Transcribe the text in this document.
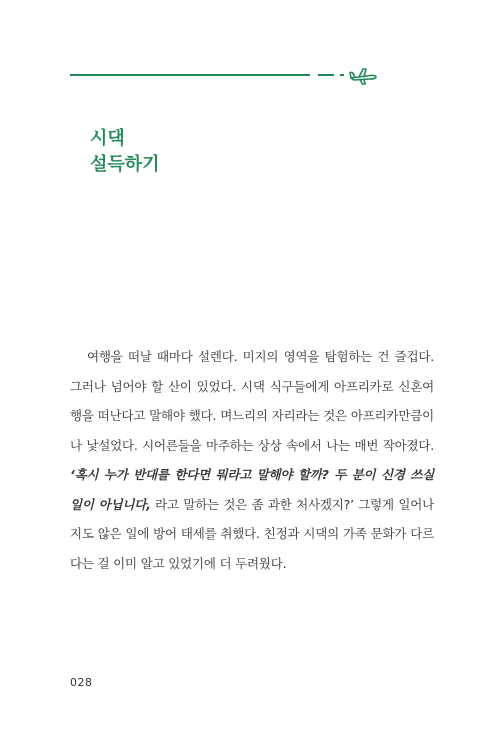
시댁
설득하기

여행을 떠날 때마다 설렌다. 미지의 영역을 탐험하는 건 즐겁다. 그러나 넘어야 할 산이 있었다. 시댁 식구들에게 아프리카로 신혼여행을 떠난다고 말해야 했다. 며느리의 자리라는 것은 아프리카만큼이나 낯설었다. 시어른들을 마주하는 상상 속에서 나는 매번 작아졌다. ‘혹시 누가 반대를 한다면 뭐라고 말해야 할까? 두 분이 신경 쓰실 일이 아닙니다, 라고 말하는 것은 좀 과한 처사겠지?’ 그렇게 일어나지도 않은 일에 방어 태세를 취했다. 친정과 시댁의 가족 문화가 다르다는 걸 이미 알고 있었기에 더 두려웠다.

028
